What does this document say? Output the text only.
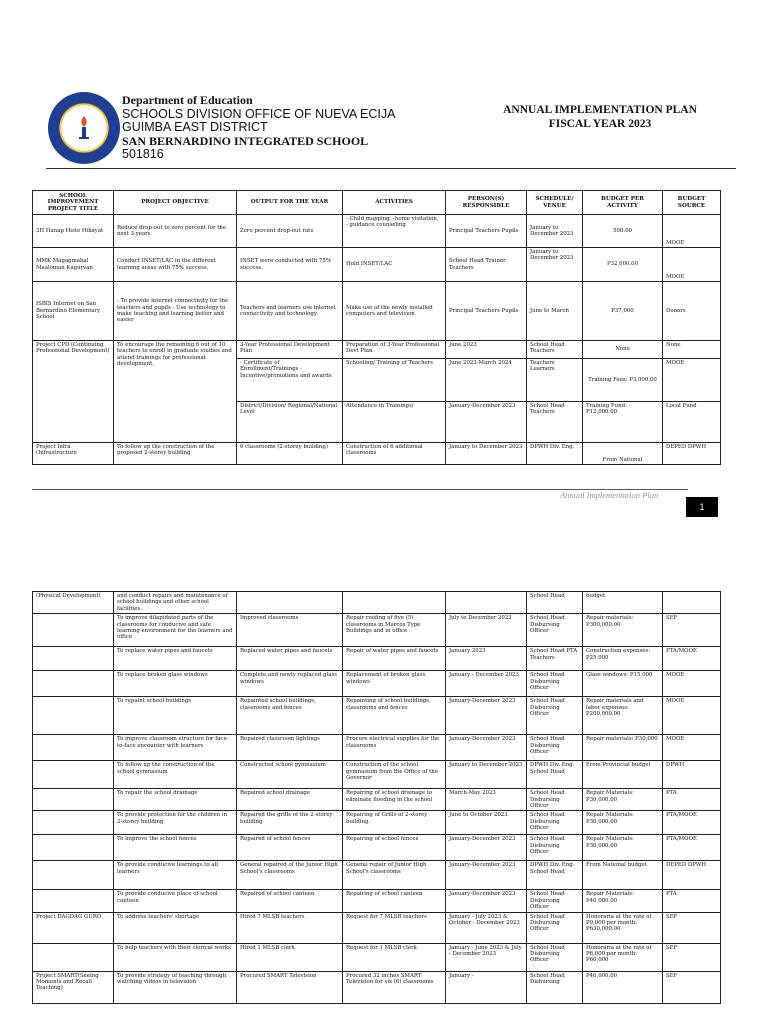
Department of Education
SCHOOLS DIVISION OFFICE OF NUEVA ECIJA
GUIMBA EAST DISTRICT
SAN BERNARDINO INTEGRATED SCHOOL
501816
ANNUAL IMPLEMENTATION PLAN
FISCAL YEAR 2023
SCHOOL IMPROVEMENT PROJECT TITLE	PROJECT OBJECTIVE	OUTPUT FOR THE YEAR	ACTIVITIES	PERSON(S) RESPONSIBLE	SCHEDULE/ VENUE	BUDGET PER ACTIVITY	BUDGET SOURCE
3H Hanap Histe Hikayat	Reduce drop-out to zero percent for the next 3 years	Zero percent drop-out rate	- Child mapping, -home visitation, - guidance counseling	Principal Teachers Pupils	January to December 2023	500.00	MOOE
MMK Magagmahal Maaloman Kagurvan	Conduct INSET/LAC in the different learning areas with 75% success.	INSET were conducted with 75% success.	Hold INSET/LAC	School Head Trainer Teachers	January to December 2023	P32,000.00	MOOE
ISBIS Internet on San Bernardino Elementary School	- To provide internet connectivity for the teachers and pupils - Use technology to make teaching and learning better and easier	Teachers and learners use internet connectivity and technology	Make use of the newly installed computers and television	Principal Teachers Pupils	June to March	P37,000	Donors
Project CPD (Continuing Professional Development)	To encourage the remaining 6 out of 10 teachers to enroll in graduate studies and attend trainings for professional development.	3-Year Professional Development Plan	Preparation of 3-Year Professional Devt Plan	June 2023	School Head Teachers	None	None
		- Certificate of Enrollment/Trainings - Incentive/promotions and awards	Schooling/ Training of Teachers	June 2023-March 2024	Teachers Learners	Training Fees: P3,000.00	MOOE
		District/Division/ Regional/National Level	Attendance in Trainings/	January-December 2023	School Head Teachers	Training Fund: -P12,000.00	Local Fund
Project Infra (Infrastructure	To follow up the construction of the proposed 2-storey building	6 classrooms (2-storey building)	Construction of 6 additional classrooms	January to December 2023	DPWH Div. Eng.	From National	DEPED DPWH
Annual Implementation Plan
1
(Physical Development)	and conduct repairs and maintenance of school buildings and other school facilities.				School Head	budget	
	To improve dilapidated parts of the classrooms for conducive and safe learning environment for the learners and office	Improved classrooms	Repair roofing of five (5) classrooms in Marcos Type Buildings and in office	July to December 2023	School Head Disbursing Officer	Repair materials: P300,000.00	SEF
	To replace water pipes and faucets	Replaced water pipes and faucets	Repair of water pipes and faucets	January 2023	School Head PTA Teachers	Construction expenses: P25,000	PTA/MOOE
	To replace broken glass windows	Complete and newly replaced glass windows	Replacement of broken glass windows	January - December 2023	School Head Disbursing Officer	Glass windows: P15,000	MOOE
	To repaint school buildings	Repainted school buildings, classrooms and fences	Repainting of school buildings, classrooms and fences	January-December 2023	School Head Disbursing Officer	Repair materials and labor expenses: P200,000.00	MOOE
	To improve classroom structure for face-to-face encounter with learners	Repaired classroom lightings	Procure electrical supplies for the classrooms	January-December 2023	School Head Disbursing Officer	Repair materials: P30,000	MOOE
	To follow up the construction of the school gymnasium	Constructed school gymnasium	Construction of the school gymnasium from the Office of the Governor	January to December 2023	DPWH Div. Eng. School Head	From Provincial budget	DPWH
	To repair the school drainage	Repaired school drainage	Repairing of school drainage to eliminate flooding in the school	March-May 2023	School Head Disbursing Officer	Repair Materials: P30,000.00	PTA
	To provide protection for the children in 2-storey building	Repaired the grills of the 2-storey building	Repairing of Grills of 2-storey building.	June to October 2023	School Head Disbursing Officer	Repair Materials: P30,000.00	PTA/MOOE
	To improve the school fences	Repaired of school fences	Repairing of school fences	January-December 2023	School Head Disbursing Officer	Repair Materials: P30,000.00	PTA/MOOE
	To provide conducive learnings to all learners	General repaired of the Junior High School's classrooms	General repair of Junior High School's classrooms	January-December 2023	DPWH Div. Eng. School Head	From National budget	DEPED DPWH
	To provide conducive place of school canteen	Repaired of school canteen	Repairing of school canteen	January-December 2023	School Head Disbursing Officer	Repair Materials: P40,000.00	PTA
Project DAGDAG GURO	To address teachers' shortage	Hired 7 MLSB teachers	Request for 7 MLSB teachers	January - July 2023 & October - December 2023	School Head Disbursing Officer	Honoraria at the rate of P9,000 per month: P630,000.00	SEF
	To help teachers with their clerical works	Hired 1 MLSB clerk	Request for 1 MLSB clerk	January - June 2023 & July - December 2023	School Head Disbursing Officer	Honoraria at the rate of P6,000 per month: P60,000	SEF
Project SMART(Seeing Moments and Recall Teaching)	To provide strategy of teaching through watching videos in television	Procured SMART Television	Procured 32 inches SMART Television for six (6) classrooms	January -	School Head Disbursing	P46,000.00	SEF
